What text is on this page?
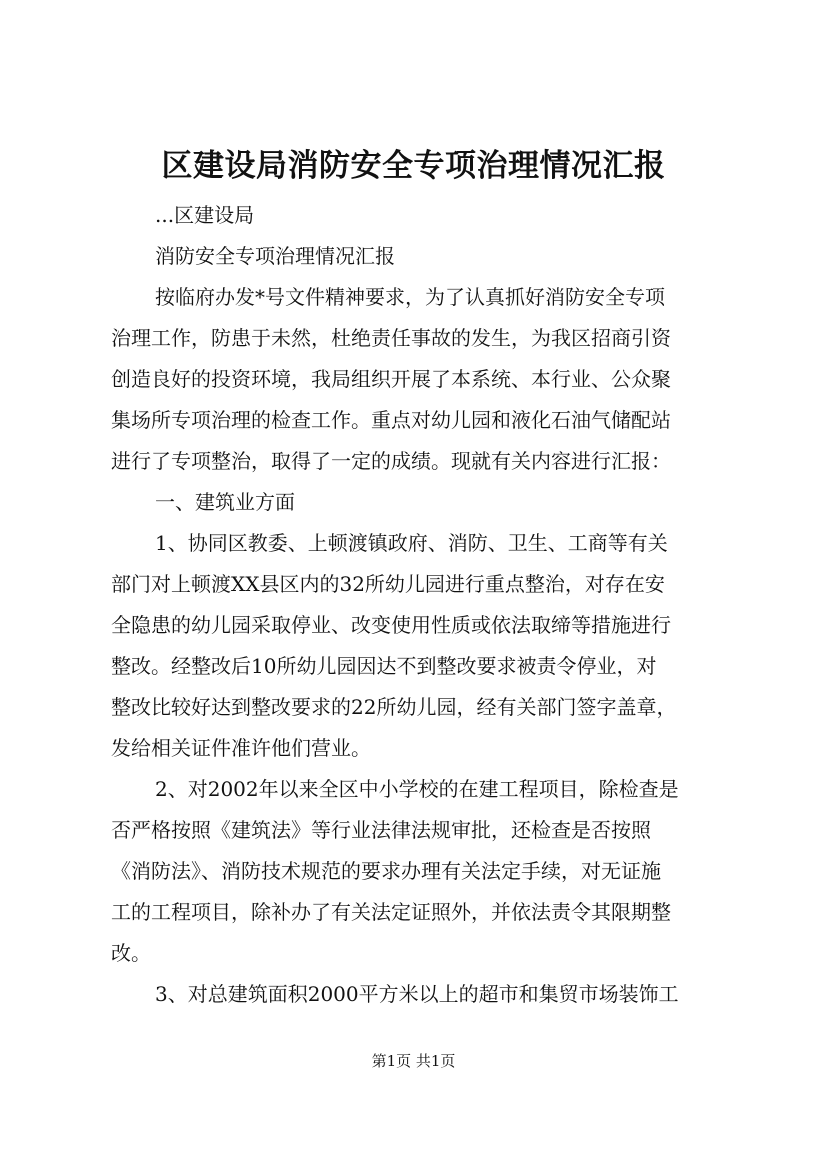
区建设局消防安全专项治理情况汇报
...区建设局
消防安全专项治理情况汇报
按临府办发*号文件精神要求，为了认真抓好消防安全专项
治理工作，防患于未然，杜绝责任事故的发生，为我区招商引资
创造良好的投资环境，我局组织开展了本系统、本行业、公众聚
集场所专项治理的检查工作。重点对幼儿园和液化石油气储配站
进行了专项整治，取得了一定的成绩。现就有关内容进行汇报：
一、建筑业方面
1、协同区教委、上顿渡镇政府、消防、卫生、工商等有关
部门对上顿渡XX县区内的32所幼儿园进行重点整治，对存在安
全隐患的幼儿园采取停业、改变使用性质或依法取缔等措施进行
整改。经整改后10所幼儿园因达不到整改要求被责令停业，对
整改比较好达到整改要求的22所幼儿园，经有关部门签字盖章，
发给相关证件准许他们营业。
2、对2002年以来全区中小学校的在建工程项目，除检查是
否严格按照《建筑法》等行业法律法规审批，还检查是否按照
《消防法》、消防技术规范的要求办理有关法定手续，对无证施
工的工程项目，除补办了有关法定证照外，并依法责令其限期整
改。
3、对总建筑面积2000平方米以上的超市和集贸市场装饰工
第1页 共1页
